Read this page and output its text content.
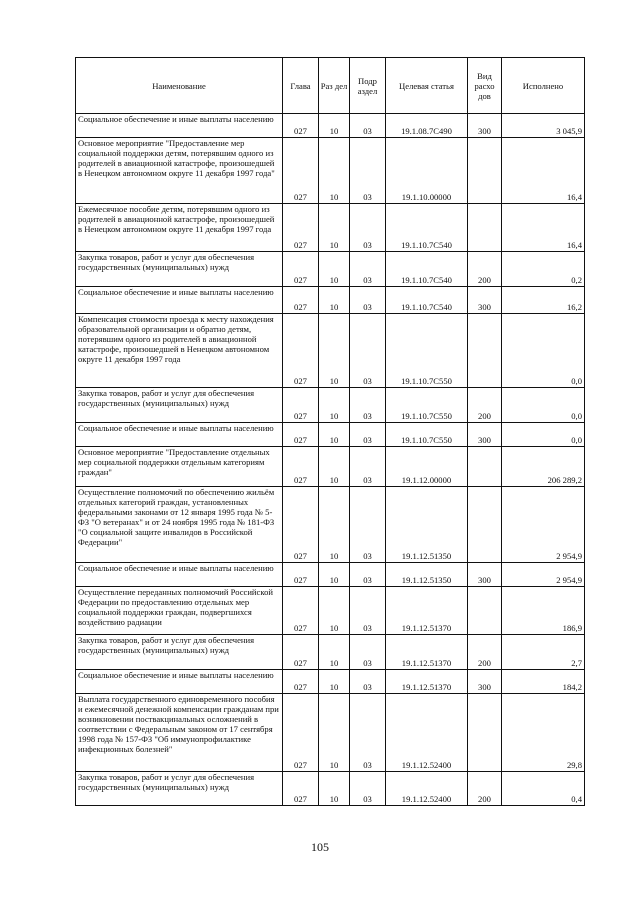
Наименование	Глава	Раз дел	Подр аздел	Целевая статья	Вид расхо дов	Исполнено
Социальное обеспечение и иные выплаты населению	027	10	03	19.1.08.7С490	300	3 045,9
Основное мероприятие "Предоставление мер социальной поддержки детям, потерявшим одного из родителей в авиационной катастрофе, произошедшей в Ненецком автономном округе 11 декабря 1997 года"	027	10	03	19.1.10.00000		16,4
Ежемесячное пособие детям, потерявшим одного из родителей в авиационной катастрофе, произошедшей в Ненецком автономном округе 11 декабря 1997 года	027	10	03	19.1.10.7С540		16,4
Закупка товаров, работ и услуг для обеспечения государственных (муниципальных) нужд	027	10	03	19.1.10.7С540	200	0,2
Социальное обеспечение и иные выплаты населению	027	10	03	19.1.10.7С540	300	16,2
Компенсация стоимости проезда к месту нахождения образовательной организации и обратно детям, потерявшим одного из родителей в авиационной катастрофе, произошедшей в Ненецком автономном округе 11 декабря 1997 года	027	10	03	19.1.10.7С550		0,0
Закупка товаров, работ и услуг для обеспечения государственных (муниципальных) нужд	027	10	03	19.1.10.7С550	200	0,0
Социальное обеспечение и иные выплаты населению	027	10	03	19.1.10.7С550	300	0,0
Основное мероприятие "Предоставление отдельных мер социальной поддержки отдельным категориям граждан"	027	10	03	19.1.12.00000		206 289,2
Осуществление полномочий по обеспечению жильём отдельных категорий граждан, установленных федеральными законами от 12 января 1995 года № 5-ФЗ "О ветеранах" и от 24 ноября 1995 года № 181-ФЗ "О социальной защите инвалидов в Российской Федерации"	027	10	03	19.1.12.51350		2 954,9
Социальное обеспечение и иные выплаты населению	027	10	03	19.1.12.51350	300	2 954,9
Осуществление переданных полномочий Российской Федерации по предоставлению отдельных мер социальной поддержки граждан, подвергшихся воздействию радиации	027	10	03	19.1.12.51370		186,9
Закупка товаров, работ и услуг для обеспечения государственных (муниципальных) нужд	027	10	03	19.1.12.51370	200	2,7
Социальное обеспечение и иные выплаты населению	027	10	03	19.1.12.51370	300	184,2
Выплата государственного единовременного пособия и ежемесячной денежной компенсации гражданам при возникновении поствакцинальных осложнений в соответствии с Федеральным законом от 17 сентября 1998 года № 157-ФЗ "Об иммунопрофилактике инфекционных болезней"	027	10	03	19.1.12.52400		29,8
Закупка товаров, работ и услуг для обеспечения государственных (муниципальных) нужд	027	10	03	19.1.12.52400	200	0,4
105
